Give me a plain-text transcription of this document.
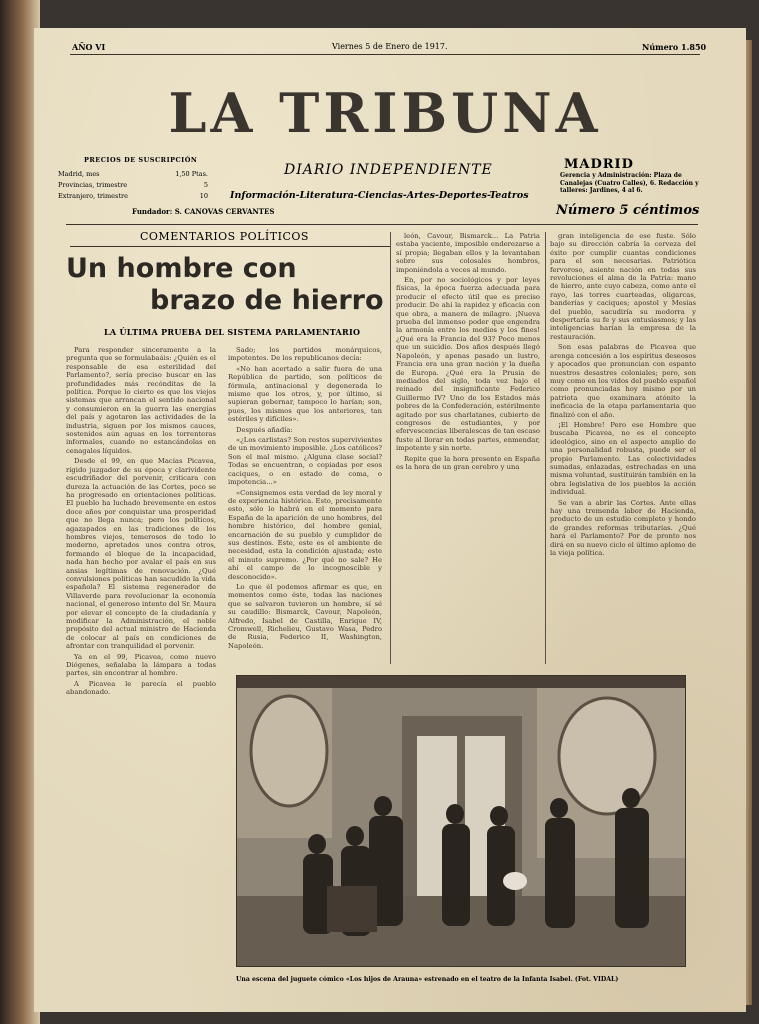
AÑO VI	Viernes 5 de Enero de 1917.	Número 1.850
LA TRIBUNA
PRECIOS DE SUSCRIPCIÓN
Madrid, mes	1,50 Ptas.
Provincias, trimestre	5
Extranjero, trimestre	10
DIARIO INDEPENDIENTE
Información-Literatura-Ciencias-Artes-Deportes-Teatros
Fundador: S. CANOVAS CERVANTES
MADRID
Gerencia y Administración: Plaza de Canalejas (Cuatro Calles), 6. Redacción y talleres: Jardines, 4 al 6.
Número 5 céntimos
COMENTARIOS POLÍTICOS
Un hombre con
brazo de hierro
LA ÚLTIMA PRUEBA DEL SISTEMA PARLAMENTARIO

Para responder sinceramente a la pregunta que se formulabaáis: ¿Quién es el responsable de esa esterilidad del Parlamento?, sería preciso buscar en las profundidades más recónditas de la política. Porque lo cierto es que los viejos sistemas que arrancan el sentido nacional y consumieron en la guerra las energías del país y agotaron las actividades de la industria, siguen por los mismos cauces, sostenidos aún aguas en los torrenteras informales, cuando no estancándolas en cenagales líquidos.

Desde el 99, en que Macías Picavea, rígido juzgador de su época y clarividente escudriñador del porvenir, criticara con dureza la actuación de las Cortes, poco se ha progresado en orientaciones políticas. El pueblo ha luchado brevemente en estos doce años por conquistar una prosperidad que no llega nunca; pero los políticos, agazapados en las tradiciones de los hombres viejos, temerosos de todo lo moderno, apretados unos contra otros, formando el bloque de la incapacidad, nada han hecho por avalar el país en sus ansias legítimas de renovación. ¿Qué convulsiones políticas han sacudido la vida española? El sistema regenerador de Villaverde para revolucionar la economía nacional, el generoso intento del Sr. Maura por elevar el concepto de la ciudadanía y modificar la Administración, el noble propósito del actual ministro de Hacienda de colocar al país en condiciones de afrontar con tranquilidad el porvenir.

Ya en el 99, Picavea, como nuevo Diógenes, señalaba la lámpara a todas partes, sin encontrar al hombre.

A Picavea le parecía el pueblo abandonado.

Sado; los partidos monárquicos, impotentes. De los republicanos decía:

«No han acertado a salir fuera de una República de partido, son políticos de fórmula, antinacional y degenerada lo mismo que los otros, y, por último, si supieran gobernar, tampoco lo harían; son, pues, los mismos que los anteriores, tan estériles y difíciles».

Después añadía:

«¿Los carlistas? Son restos supervivientes de un movimiento imposible. ¿Los católicos? Son el mal mismo. ¿Alguna clase social? Todas se encuentran, o copiadas por esos caciques, o en estado de coma, o impotencia...»

«Consignemos esta verdad de ley moral y de experiencia histórica. Esto, precisamente esto, sólo lo habrá en el momento para España de la aparición de uno hombres, del hombre histórico, del hombre genial, encarnación de su pueblo y cumplidor de sus destinos. Este, este es el ambiente de necesidad, esta la condición ajustada; este el minuto supremo. ¿Por qué no sale? He ahí el campo de lo incognoscible y desconocido».

Lo que él podemos afirmar es que, en momentos como éste, todas las naciones que se salvaron tuvieron un hombre, sí sé su caudillo: Bismarck, Cavour, Napoleón, Alfredo, Isabel de Castilla, Enrique IV, Cromwell, Richelieu, Gustavo Wasa, Pedro de Rusia, Federico II, Washington, Napoleón.

león, Cavour, Bismarck... La Patria estaba yaciente, imposible enderezarse a sí propia; llegaban ellos y la levantaban sobre sus colosales hombros, imponiéndola a veces al mundo.

En, por no sociológicos y por leyes físicas, la época fuerza adecuada para producir el efecto útil que es preciso producir. De ahí la rapidez y eficacia con que obra, a manera de milagro. ¡Nueva prueba del inmenso poder que engendra la armonía entre los medios y los fines! ¿Qué era la Francia del 93? Poco menos que un suicidio. Dos años después llegó Napoleón, y apenas pasado un lustro, Francia era una gran nación y la dueña de Europa. ¿Qué era la Prusia de mediados del siglo, toda vez bajo el reinado del insignificante Federico Guillermo IV? Uno de los Estados más pobres de la Confederación, estérilmente agitado por sus charlatanes, cubierto de congresos de estudiantes, y por efervescencias liberalescas de tan escaso fuste al llorar en todas partes, enmendar, impotente y sin norte.

Repite que la hora presente en España es la hora de un gran cerebro y una

gran inteligencia de ese fuste. Sólo bajo su dirección cabría la cerveza del éxito por cumplir cuantas condiciones para el son necesarias. Patriótica fervoroso, asiente nación en todas sus revoluciones el alma de la Patria: mano de hierro, ante cuyo cabeza, como ante el rayo, las torres cuarteadas, oligarcas, banderías y caciques; apostol y Mesías del pueblo, sacudiría su modorra y despertaría su fe y sus entusiasmos; y las inteligencias harían la empresa de la restauración.

Son esas palabras de Picavea que arenga concesión a los espíritus deseosos y apocados que pronuncian con espanto nuestros desastres coloniales; pero, son muy como en los vidos del pueblo español como pronunciadas hoy mismo por un patriota que examinara atónito la ineficacia de la etapa parlamentaria que finalizó con el año.

¡El Hombre! Pero ese Hombre que buscaba Picavea, no es el concepto ideológico, sino en el aspecto amplio de una personalidad robusta, puede ser el propio Parlamento. Las colectividades sumadas, enlazadas, estrechadas en una misma voluntad, sustituirán también en la obra legislativa de los pueblos la acción individual.

Se van a abrir las Cortes. Ante ellas hay una tremenda labor de Hacienda, producto de un estudio completo y hondo de grandes reformas tributarias. ¿Qué hará el Parlamento? Por de pronto nos dirá en su nuevo ciclo el último aplomo de la vieja política.

Una escena del juguete cómico «Los hijos de Arauna» estrenado en el teatro de la Infanta Isabel. (Fot. VIDAL)
